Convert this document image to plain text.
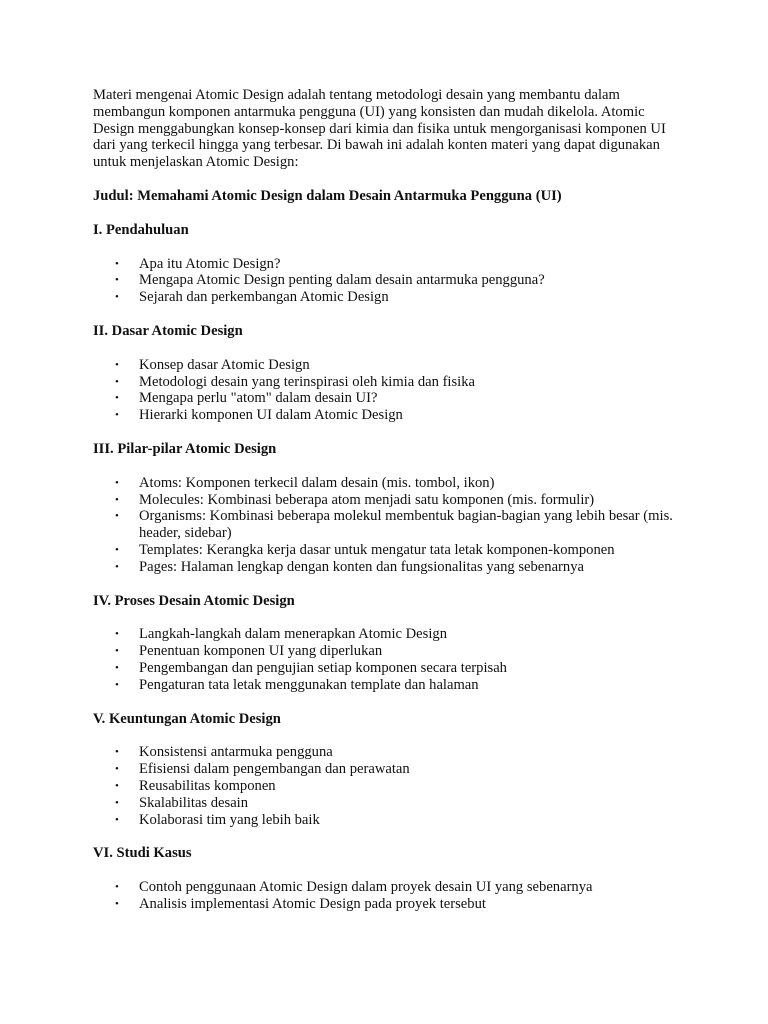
Materi mengenai Atomic Design adalah tentang metodologi desain yang membantu dalam membangun komponen antarmuka pengguna (UI) yang konsisten dan mudah dikelola. Atomic Design menggabungkan konsep-konsep dari kimia dan fisika untuk mengorganisasi komponen UI dari yang terkecil hingga yang terbesar. Di bawah ini adalah konten materi yang dapat digunakan untuk menjelaskan Atomic Design:

Judul: Memahami Atomic Design dalam Desain Antarmuka Pengguna (UI)

I. Pendahuluan

• Apa itu Atomic Design?
• Mengapa Atomic Design penting dalam desain antarmuka pengguna?
• Sejarah dan perkembangan Atomic Design

II. Dasar Atomic Design

• Konsep dasar Atomic Design
• Metodologi desain yang terinspirasi oleh kimia dan fisika
• Mengapa perlu "atom" dalam desain UI?
• Hierarki komponen UI dalam Atomic Design

III. Pilar-pilar Atomic Design

• Atoms: Komponen terkecil dalam desain (mis. tombol, ikon)
• Molecules: Kombinasi beberapa atom menjadi satu komponen (mis. formulir)
• Organisms: Kombinasi beberapa molekul membentuk bagian-bagian yang lebih besar (mis. header, sidebar)
• Templates: Kerangka kerja dasar untuk mengatur tata letak komponen-komponen
• Pages: Halaman lengkap dengan konten dan fungsionalitas yang sebenarnya

IV. Proses Desain Atomic Design

• Langkah-langkah dalam menerapkan Atomic Design
• Penentuan komponen UI yang diperlukan
• Pengembangan dan pengujian setiap komponen secara terpisah
• Pengaturan tata letak menggunakan template dan halaman

V. Keuntungan Atomic Design

• Konsistensi antarmuka pengguna
• Efisiensi dalam pengembangan dan perawatan
• Reusabilitas komponen
• Skalabilitas desain
• Kolaborasi tim yang lebih baik

VI. Studi Kasus

• Contoh penggunaan Atomic Design dalam proyek desain UI yang sebenarnya
• Analisis implementasi Atomic Design pada proyek tersebut
